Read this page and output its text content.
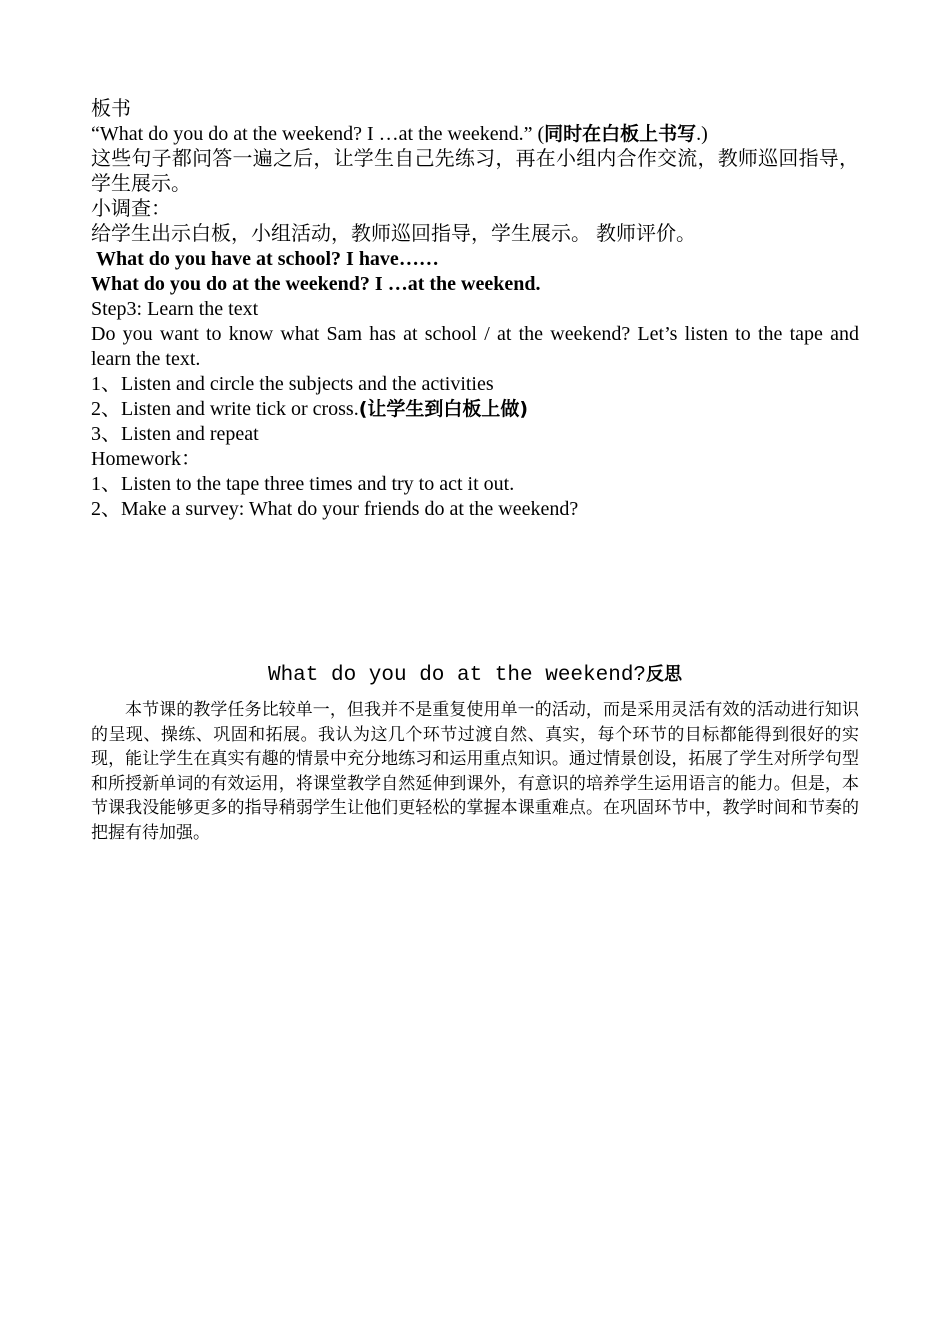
板书

“What do you do at the weekend? I …at the weekend.” (同时在白板上书写.)

这些句子都问答一遍之后，让学生自己先练习，再在小组内合作交流，教师巡回指导，学生展示。

小调查：

给学生出示白板，小组活动，教师巡回指导，学生展示。 教师评价。

What do you have at school? I have……

What do you do at the weekend? I …at the weekend.

Step3: Learn the text

Do you want to know what Sam has at school / at the weekend? Let’s listen to the tape and learn the text.

1、Listen and circle the subjects and the activities

2、Listen and write tick or cross.(让学生到白板上做)

3、Listen and repeat

Homework：

1、Listen to the tape three times and try to act it out.

2、Make a survey: What do your friends do at the weekend?

What do you do at the weekend?反思

本节课的教学任务比较单一，但我并不是重复使用单一的活动，而是采用灵活有效的活动进行知识的呈现、操练、巩固和拓展。我认为这几个环节过渡自然、真实，每个环节的目标都能得到很好的实现，能让学生在真实有趣的情景中充分地练习和运用重点知识。通过情景创设，拓展了学生对所学句型和所授新单词的有效运用，将课堂教学自然延伸到课外，有意识的培养学生运用语言的能力。但是，本节课我没能够更多的指导稍弱学生让他们更轻松的掌握本课重难点。在巩固环节中，教学时间和节奏的把握有待加强。
